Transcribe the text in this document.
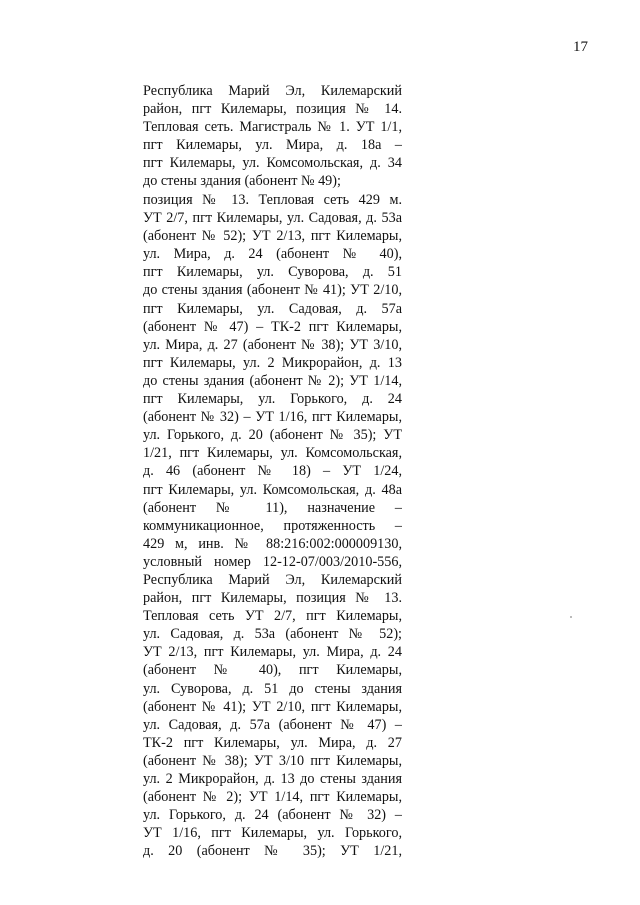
17
Республика Марий Эл, Килемарский
район, пгт Килемары, позиция № 14.
Тепловая сеть. Магистраль № 1. УТ 1/1,
пгт Килемары, ул. Мира, д. 18а –
пгт Килемары, ул. Комсомольская, д. 34
до стены здания (абонент № 49);
позиция № 13. Тепловая сеть 429 м.
УТ 2/7, пгт Килемары, ул. Садовая, д. 53а
(абонент № 52); УТ 2/13, пгт Килемары,
ул. Мира, д. 24 (абонент № 40),
пгт Килемары, ул. Суворова, д. 51
до стены здания (абонент № 41); УТ 2/10,
пгт Килемары, ул. Садовая, д. 57а
(абонент № 47) – ТК-2 пгт Килемары,
ул. Мира, д. 27 (абонент № 38); УТ 3/10,
пгт Килемары, ул. 2 Микрорайон, д. 13
до стены здания (абонент № 2); УТ 1/14,
пгт Килемары, ул. Горького, д. 24
(абонент № 32) – УТ 1/16, пгт Килемары,
ул. Горького, д. 20 (абонент № 35); УТ
1/21, пгт Килемары, ул. Комсомольская,
д. 46 (абонент № 18) – УТ 1/24,
пгт Килемары, ул. Комсомольская, д. 48а
(абонент № 11), назначение –
коммуникационное, протяженность –
429 м, инв. № 88:216:002:000009130,
условный номер 12-12-07/003/2010-556,
Республика Марий Эл, Килемарский
район, пгт Килемары, позиция № 13.
Тепловая сеть УТ 2/7, пгт Килемары,
ул. Садовая, д. 53а (абонент № 52);
УТ 2/13, пгт Килемары, ул. Мира, д. 24
(абонент № 40), пгт Килемары,
ул. Суворова, д. 51 до стены здания
(абонент № 41); УТ 2/10, пгт Килемары,
ул. Садовая, д. 57а (абонент № 47) –
ТК-2 пгт Килемары, ул. Мира, д. 27
(абонент № 38); УТ 3/10 пгт Килемары,
ул. 2 Микрорайон, д. 13 до стены здания
(абонент № 2); УТ 1/14, пгт Килемары,
ул. Горького, д. 24 (абонент № 32) –
УТ 1/16, пгт Килемары, ул. Горького,
д. 20 (абонент № 35); УТ 1/21,
